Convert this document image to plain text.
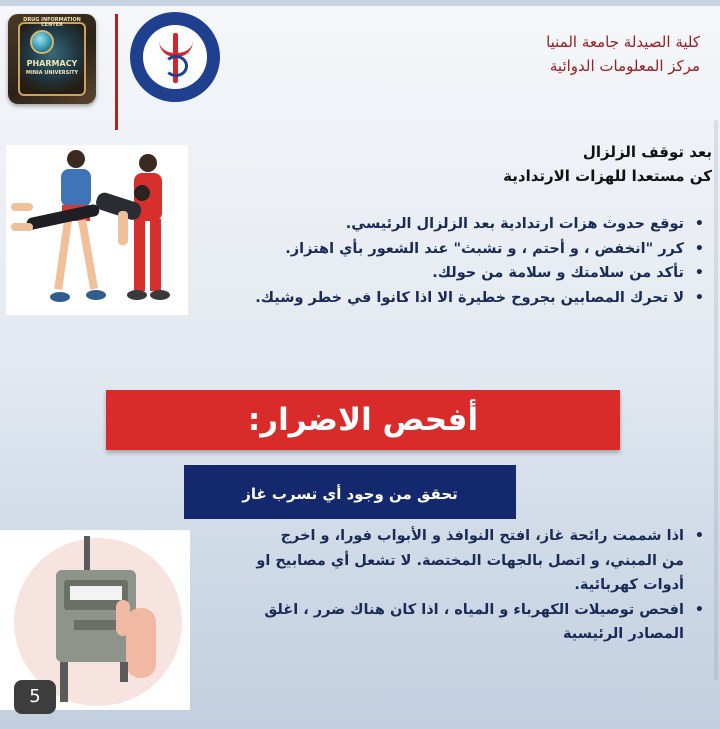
DRUG INFORMATION CENTER
PHARMACY
MINIA UNIVERSITY
كلية الصيدلة جامعة المنيا
مركز المعلومات الدوائية
بعد توقف الزلزال
كن مستعدا للهزات الارتدادية
• توقع حدوث هزات ارتدادية بعد الزلزال الرئيسي.
• كرر "انخفض ، و أحتم ، و تشبث" عند الشعور بأي اهتزاز.
• تأكد من سلامتك و سلامة من حولك.
• لا تحرك المصابين بجروح خطيرة الا اذا كانوا في خطر وشيك.
أفحص الاضرار:
تحقق من وجود أي تسرب غاز
• اذا شممت رائحة غاز، افتح النوافذ و الأبواب فورا، و اخرج من المبني، و اتصل بالجهات المختصة. لا تشعل أي مصابيح او أدوات كهربائية.
• افحص توصيلات الكهرباء و المياه ، اذا كان هناك ضرر ، اغلق المصادر الرئيسية
5
